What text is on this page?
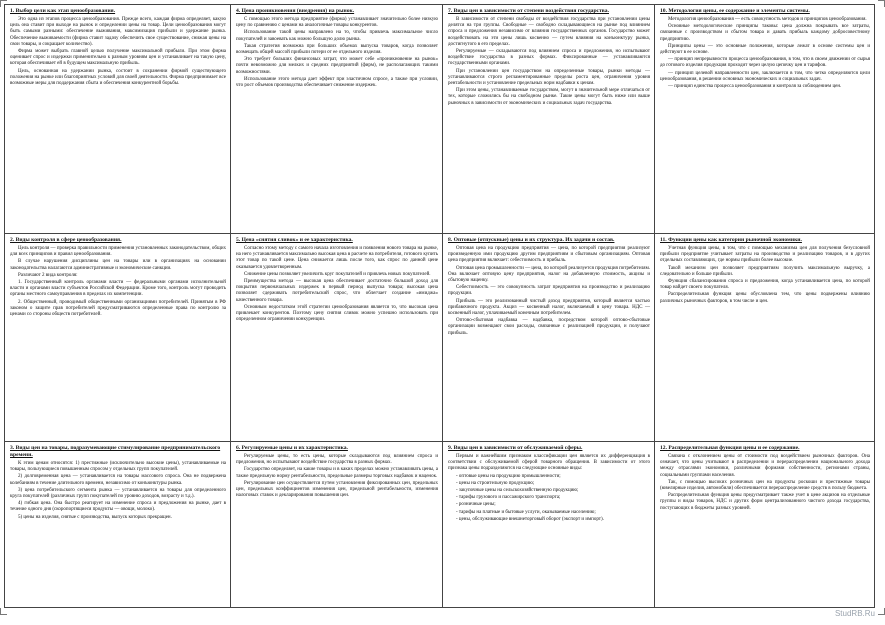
1. Выбор цели как этап ценообразования.

Это одна из этапов процесса ценообразования. Прежде всего, каждая фирма определяет, какую цель она ставит при выходе на рынок и определении цены на товар. Цели ценообразования могут быть самыми разными: обеспечение выживания, максимизация прибыли и удержание рынка. Обеспечение выживаемости (фирма ставит задачу обеспечить свое существование, снижая цены на свои товары, и сокращает количество).

Фирма может выбрать главной целью получение максимальной прибыли. При этом фирма оценивает спрос и издержки применительно к разным уровням цен и устанавливает на такую цену, которая обеспечивает ей в будущем максимальную прибыль.

Цель, основанная на удержании рынка, состоит в сохранении фирмой существующего положения на рынке или благоприятных условий для своей деятельности. Фирма предпринимает все возможные меры для поддержания сбыта и обеспечения конкурентной борьбы.

4. Цена проникновения (внедрения) на рынок.

С помощью этого метода предприятие (фирма) устанавливает значительно более низкую цену по сравнению с ценами на аналогичные товары конкурентов.

Использование такой цены направлено на то, чтобы привлечь максимальное число покупателей и завоевать как можно большую долю рынка.

Такая стратегия возможна при больших объемах выпуска товаров, когда позволяет возмещать общей массой прибыли потери от ее отдельного изделия.

Это требует больших финансовых затрат, что может себе «проникновение на рынок» почти невозможно для мелких и средних предприятий (фирм), не располагающих такими возможностями.

Использование этого метода дает эффект при эластичном спросе, а также при условии, что рост объемов производства обеспечивает снижение издержек.

7. Виды цен в зависимости от степени воздействия государства.

В зависимости от степени свободы от воздействия государства при установлении цены делятся на три группы. Свободные — свободно складывающиеся на рынке под влиянием спроса и предложения независимо от влияния государственных органов. Государство может воздействовать на эти цены лишь косвенно — путем влияния на конъюнктуру рынка, достигнутого в его пределах.

Регулируемые — складываются под влиянием спроса и предложения, но испытывают воздействие государства в разных формах. Фиксированные — устанавливаются государственными органами.

При установлении цен государством на определенные товары, рынки методы — устанавливаются строго регламентированные пределы роста цен, ограничения уровня рентабельности и установление предельных норм надбавки к ценам.

При этом цены, устанавливаемые государством, могут в значительной мере отличаться от тех, которые сложились бы на свободном рынке. Такие цены могут быть ниже или выше рыночных в зависимости от экономических и социальных задач государства.

10. Методология цены, ее содержание и элементы системы.

Методология ценообразования — есть совокупность методов и принципов ценообразования.

Основные методологические принципы таковы: цена должна покрывать все затраты, связанные с производством и сбытом товара и давать прибыль каждому добросовестному предприятию.

Принципы цены — это основные положения, которые лежат в основе системы цен и действуют в ее основе.

— принцип непрерывности процесса ценообразования, в том, что в своем движении от сырья до готового изделия продукция проходит через целую цепочку цен и тарифов.

— принцип целевой направленности цен, заключается в том, что четко определяются цели ценообразования, в решении основных экономических и социальных задач.

— принцип единства процесса ценообразования и контроля за соблюдением цен.

2. Виды контроля в сфере ценообразования.

Цель контроля — проверка правильности применения установленных законодательством, общих для всех принципов и правил ценообразования.

В случае нарушения дисциплины цен на товары или в организациях на основании законодательства налагаются административные и экономические санкции.

Различают 2 вида контроля:

1. Государственный контроль органами власти — федеральными органами исполнительной власти и органами власти субъектов Российской Федерации. Кроме того, контроль могут проводить органы местного самоуправления в пределах их компетенции.

2. Общественный, проводимый общественными организациями потребителей. Принятым в РФ законом о защите прав потребителей предусматриваются определенные права по контролю за ценами со стороны обществ потребителей.

5. Цена «снятия сливок» и ее характеристика.

Согласно этому методу с самого начала изготовления и появления нового товара на рынке, на него устанавливается максимально высокая цена в расчете на потребителя, готового купить этот товар по такой цене. Цена снижается лишь после того, как спрос по данной цене оказывается удовлетворенным.

Снижение цены позволяет увеличить круг покупателей и привлечь новых покупателей.

Преимущества метода — высокая цена обеспечивает достаточно большой доход для покрытия первоначальных издержек в первый период выпуска товара; высокая цена позволяет сдерживать потребительский спрос, что облегчает создание «имиджа» качественного товара.

Основным недостатком этой стратегии ценообразования является то, что высокая цена привлекает конкурентов. Поэтому цену снятия сливок можно успешно использовать при определенном ограничении конкуренции.

8. Оптовые (отпускные) цены и их структура. Их задачи и состав.

Оптовая цена на продукцию предприятия — цена, по которой предприятия реализуют произведенную ими продукцию другим предприятиям и сбытовым организациям. Оптовая цена предприятия включает: себестоимость и прибыль.

Оптовая цена промышленности — цена, по которой реализуется продукция потребителям. Она включает оптовую цену предприятия, налог на добавленную стоимость, акцизы и сбытовую наценку.

Себестоимость — это совокупность затрат предприятия на производство и реализацию продукции.

Прибыль — это реализованный чистый доход предприятия, который является частью прибавочного продукта. Акциз — косвенный налог, включаемый в цену товара. НДС — косвенный налог, уплачиваемый конечным потребителем.

Оптово-сбытовая надбавка — надбавка, посредством которой оптово-сбытовые организации возмещают свои расходы, связанные с реализацией продукции, и получают прибыль.

11. Функции цены как категории рыночной экономики.

Учетная функция цены, в том, что с помощью механизма цен для получения безусловной прибыли предприятие учитывает затраты на производство и реализацию товаров, и в других отдельных составляющих, где нормы прибыли более высокие.

Такой механизм цен позволяет предприятиям получить максимальную выручку, а следовательно и больше прибыли.

Функция сбалансирования спроса и предложения, когда устанавливается цена, по которой товар найдет своего покупателя.

Распределительная функция цены обусловлена тем, что цены подвержены влиянию различных рыночных факторов, в том числе и цен.

3. Виды цен на товары, подразумевающие стимулирование предпринимательского времени.

К этим ценам относятся: 1) престижные (исключительно высокие цены), устанавливаемые на товары, пользующиеся повышенным спросом у отдельных групп покупателей.

2) долговременная цена — устанавливается на товары массового спроса. Она не подвержена колебаниям в течение длительного времени, независимо от конъюнктуры рынка.

3) цена потребительского сегмента рынка — устанавливается на товары для определенного круга покупателей (различных групп покупателей по уровню доходов, возрасту и т.д.).

4) гибкая цена. Она быстро реагирует на изменение спроса и предложения на рынке, дает в течение одного дня (скоропортящиеся продукты — овощи, молоко).

5) цены на изделия, снятые с производства, выпуск которых прекращен.

6. Регулируемые цены и их характеристика.

Регулируемые цены, то есть цены, которые складываются под влиянием спроса и предложения, но испытывают воздействие государства в разных формах.

Государство определяет, на какие товары и в каких пределах можно устанавливать цены, а также предельную норму рентабельности, предельные размеры торговых надбавок и наценок.

Регулирование цен осуществляется путем установления фиксированных цен, предельных цен, предельных коэффициентов изменения цен, предельной рентабельности, изменения налоговых ставок и декларирования повышения цен.

9. Виды цен в зависимости от обслуживаемой сферы.

Первым и важнейшим признаком классификации цен является их дифференциация в соответствии с обслуживаемой сферой товарного обращения. В зависимости от этого признака цены подразделяются на следующие основные виды:

- оптовые цены на продукцию промышленности;

- цены на строительную продукцию;

- закупочные цены на сельскохозяйственную продукцию;

- тарифы грузового и пассажирского транспорта;

- розничные цены;

- тарифы на платные и бытовые услуги, оказываемые населению;

- цены, обслуживающие внешнеторговый оборот (экспорт и импорт).

12. Распределительная функция цены и ее содержание.

Связана с отклонением цены от стоимости под воздействием рыночных факторов. Она означает, что цены учитывают в распределении и перераспределении национального дохода между отраслями экономики, различными формами собственности, регионами страны, социальными группами населения.

Так, с помощью высоких розничных цен на продукты роскоши и престижные товары (ювелирные изделия, автомобили) обеспечивается перераспределение средств в пользу бюджета.

Распределительная функция цены предусматривает также учет в цене акцизов на отдельные группы и виды товаров, НДС и других форм централизованного чистого дохода государства, поступающих в бюджеты разных уровней.

StudRB.Ru
